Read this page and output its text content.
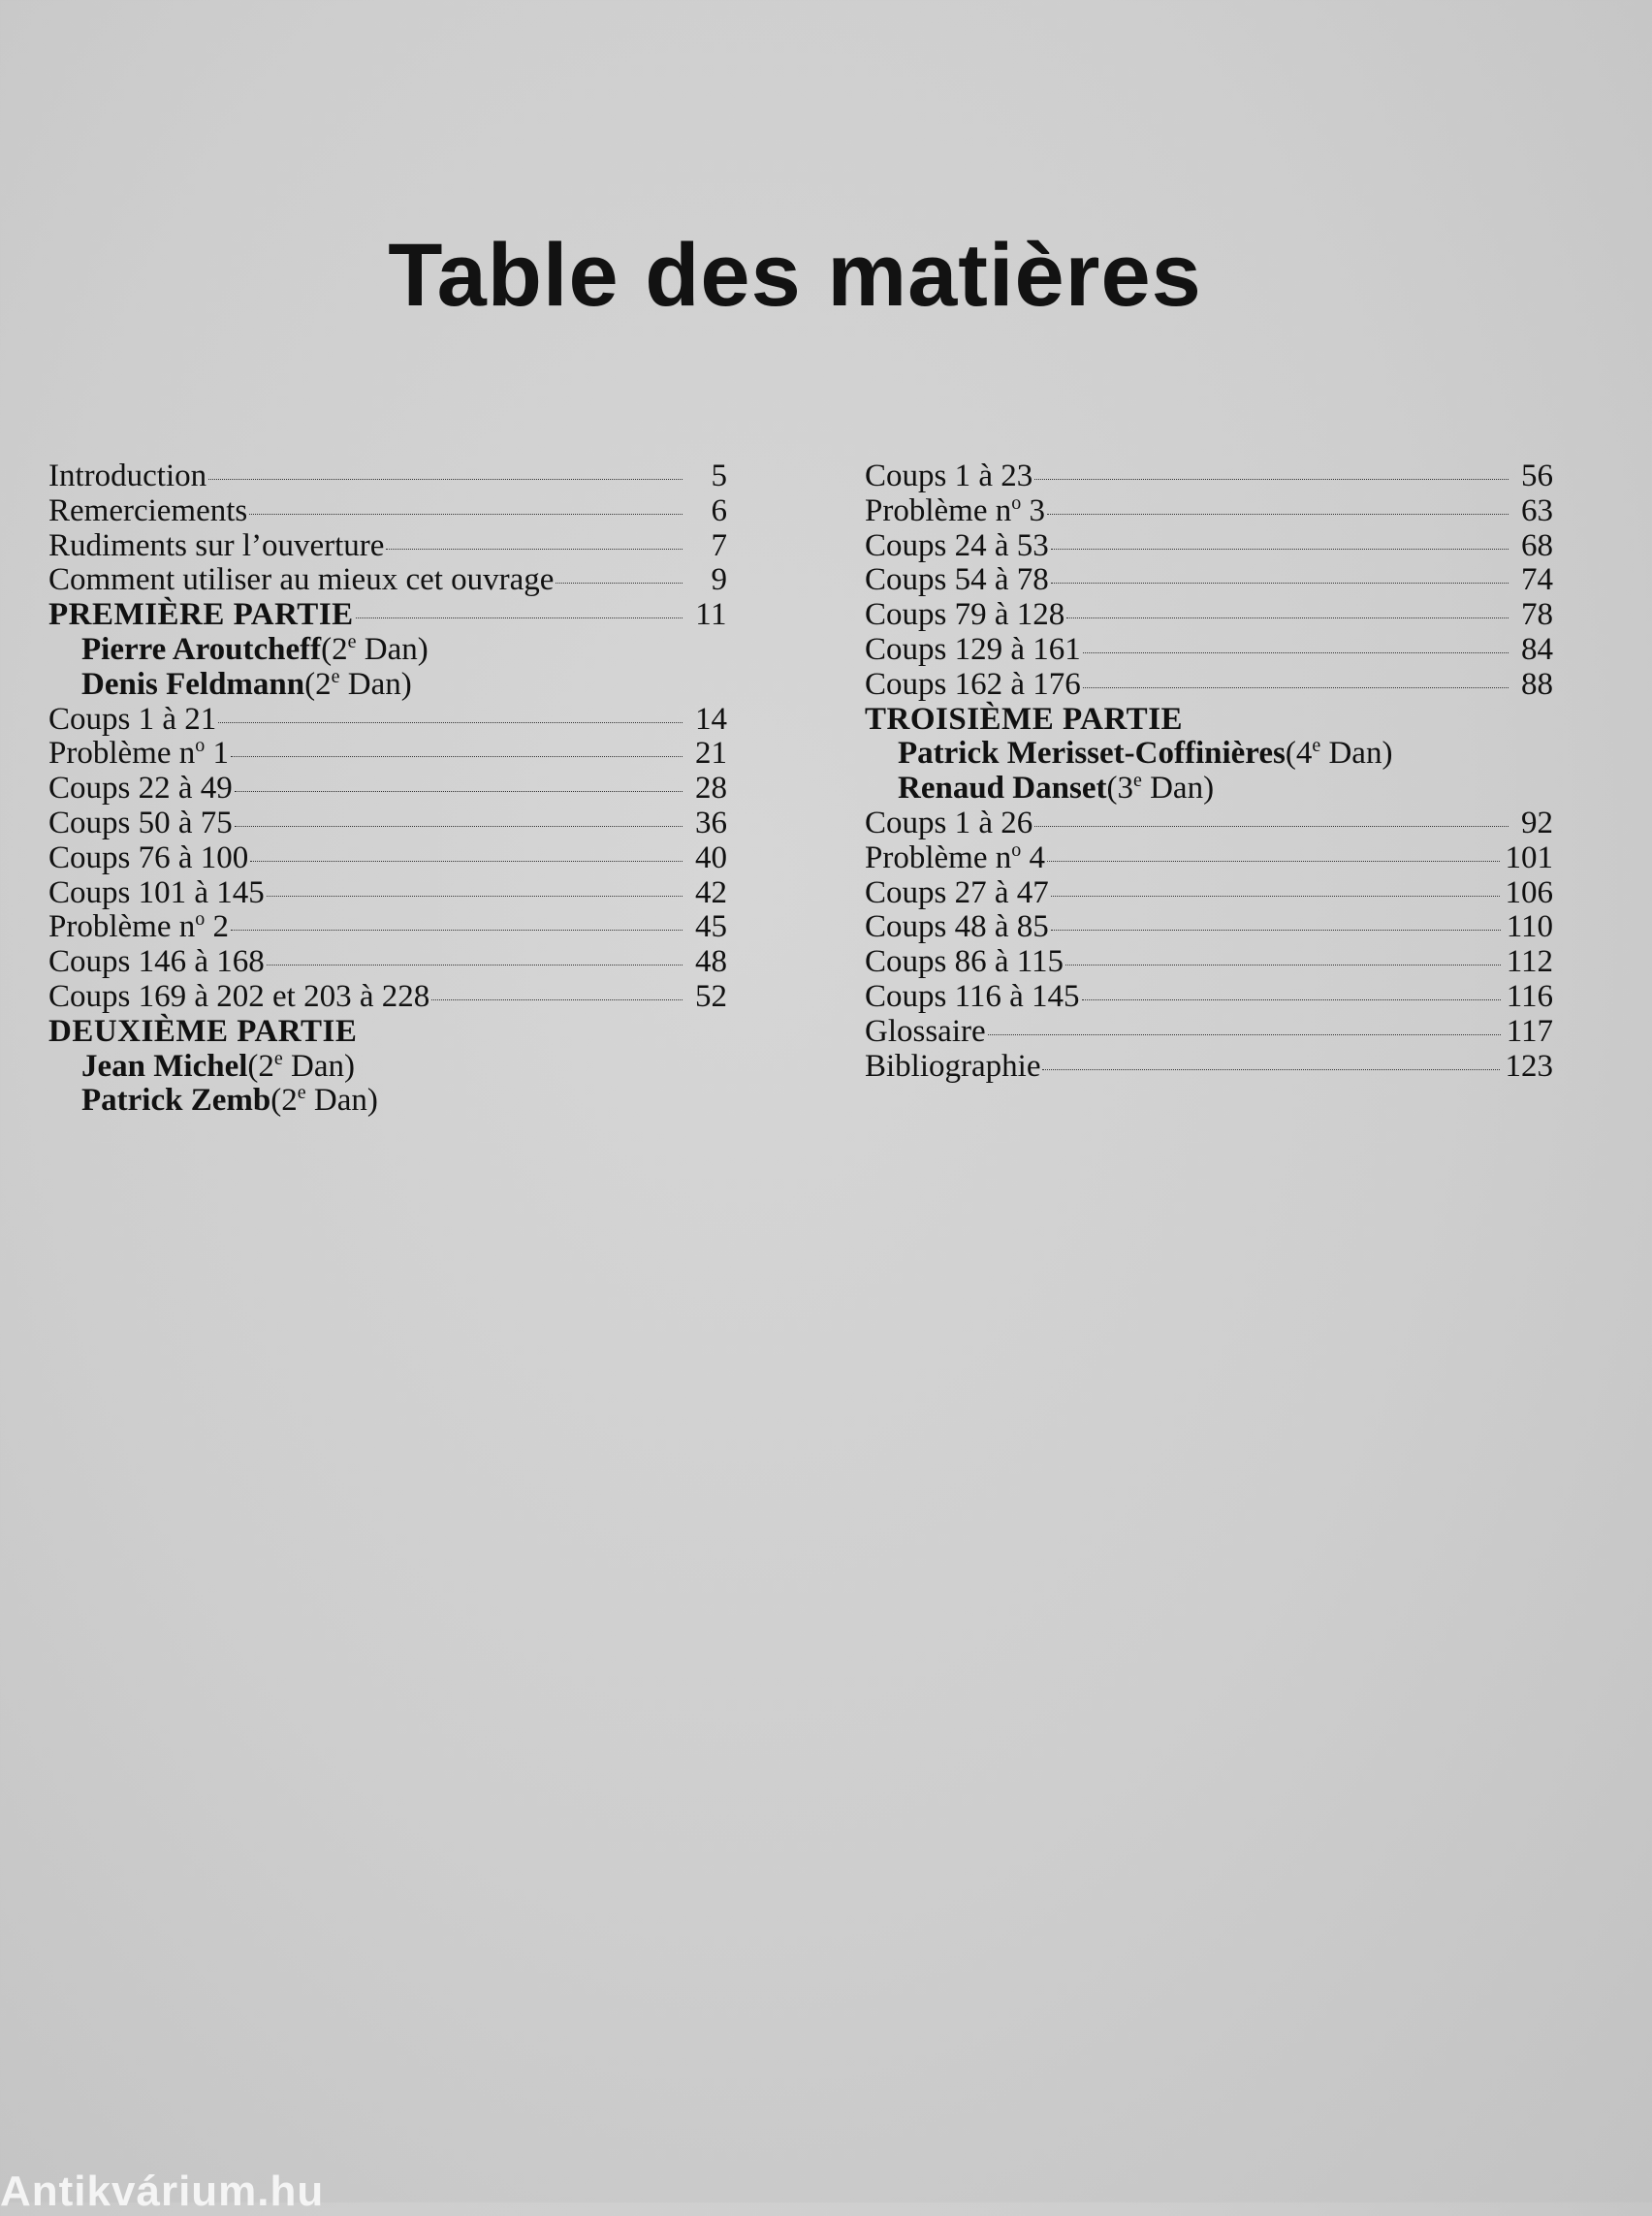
Table des matières
Introduction	5
Remerciements	6
Rudiments sur l’ouverture	7
Comment utiliser au mieux cet ouvrage	9
PREMIÈRE PARTIE	11
Pierre Aroutcheff (2e Dan)
Denis Feldmann (2e Dan)
Coups 1 à 21	14
Problème $n^o$ 1	21
Coups 22 à 49	28
Coups 50 à 75	36
Coups 76 à 100	40
Coups 101 à 145	42
Problème $n^o$ 2	45
Coups 146 à 168	48
Coups 169 à 202 et 203 à 228	52
DEUXIÈME PARTIE
Jean Michel (2e Dan)
Patrick Zemb (2e Dan)
Coups 1 à 23	56
Problème $n^o$ 3	63
Coups 24 à 53	68
Coups 54 à 78	74
Coups 79 à 128	78
Coups 129 à 161	84
Coups 162 à 176	88
TROISIÈME PARTIE
Patrick Merisset-Coffinières (4e Dan)
Renaud Danset (3e Dan)
Coups 1 à 26	92
Problème $n^o$ 4	101
Coups 27 à 47	106
Coups 48 à 85	110
Coups 86 à 115	112
Coups 116 à 145	116
Glossaire	117
Bibliographie	123
Antikvárium.hu
